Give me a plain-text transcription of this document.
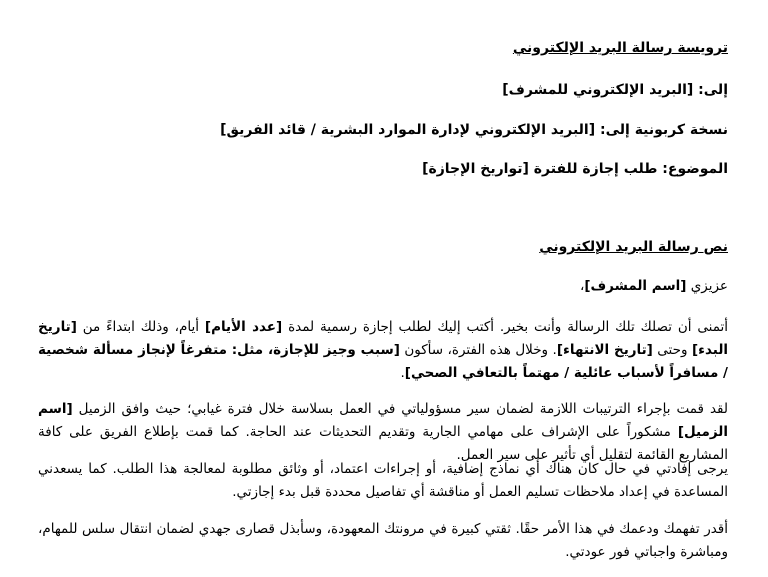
ترويسة رسالة البريد الإلكتروني
إلى: [البريد الإلكتروني للمشرف]
نسخة كربونية إلى: [البريد الإلكتروني لإدارة الموارد البشرية / قائد الفريق]
الموضوع: طلب إجازة للفترة [تواريخ الإجازة]
نص رسالة البريد الإلكتروني
عزيزي [اسم المشرف]،
أتمنى أن تصلك تلك الرسالة وأنت بخير. أكتب إليك لطلب إجازة رسمية لمدة [عدد الأيام] أيام، وذلك ابتداءً من [تاريخ البدء] وحتى [تاريخ الانتهاء]. وخلال هذه الفترة، سأكون [سبب وجيز للإجازة، مثل: متفرغاً لإنجاز مسألة شخصية / مسافراً لأسباب عائلية / مهتماً بالتعافي الصحي].
لقد قمت بإجراء الترتيبات اللازمة لضمان سير مسؤولياتي في العمل بسلاسة خلال فترة غيابي؛ حيث وافق الزميل [اسم الزميل] مشكوراً على الإشراف على مهامي الجارية وتقديم التحديثات عند الحاجة. كما قمت بإطلاع الفريق على كافة المشاريع القائمة لتقليل أي تأثير على سير العمل.
يرجى إفادتي في حال كان هناك أي نماذج إضافية، أو إجراءات اعتماد، أو وثائق مطلوبة لمعالجة هذا الطلب. كما يسعدني المساعدة في إعداد ملاحظات تسليم العمل أو مناقشة أي تفاصيل محددة قبل بدء إجازتي.
أقدر تفهمك ودعمك في هذا الأمر حقًا. ثقتي كبيرة في مرونتك المعهودة، وسأبذل قصارى جهدي لضمان انتقال سلس للمهام، ومباشرة واجباتي فور عودتي.
